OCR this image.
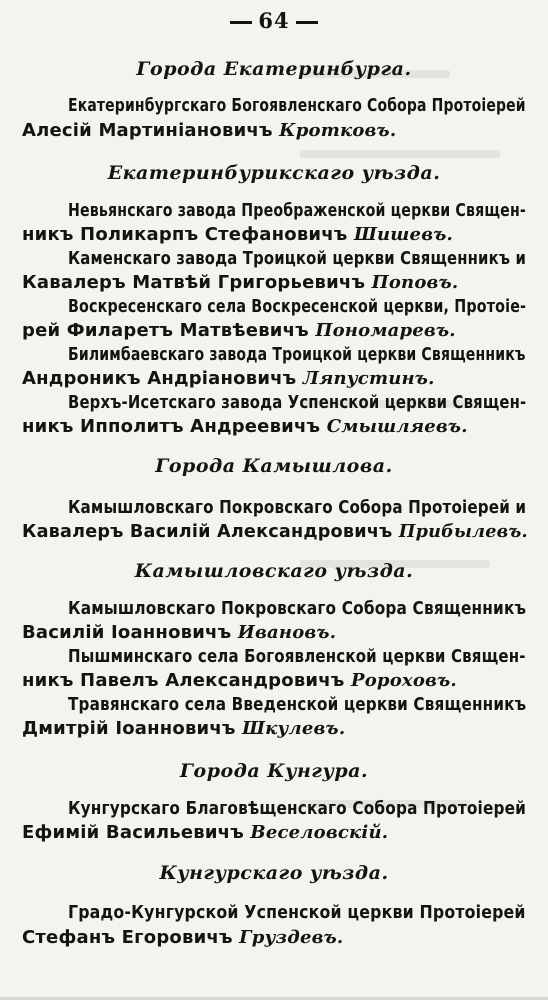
64
Города Екатеринбурга.
Екатеринбургскаго Богоявленскаго Собора Протоіерей
Алесій Мартиніановичъ Кротковъ.
Екатеринбурикскаго уѣзда.
Невьянскаго завода Преображенской церкви Священ-
никъ Поликарпъ Стефановичъ Шишевъ.
Каменскаго завода Троицкой церкви Священникъ и
Кавалеръ Матвѣй Григорьевичъ Поповъ.
Воскресенскаго села Воскресенской церкви, Протоіе-
рей Филаретъ Матвѣевичъ Пономаревъ.
Билимбаевскаго завода Троицкой церкви Священникъ
Андроникъ Андріановичъ Ляпустинъ.
Верхъ-Исетскаго завода Успенской церкви Священ-
никъ Ипполитъ Андреевичъ Смышляевъ.
Города Камышлова.
Камышловскаго Покровскаго Собора Протоіерей и
Кавалеръ Василій Александровичъ Прибылевъ.
Камышловскаго уѣзда.
Камышловскаго Покровскаго Собора Священникъ
Василій Іоанновичъ Ивановъ.
Пышминскаго села Богоявленской церкви Священ-
никъ Павелъ Александровичъ Ророховъ.
Травянскаго села Введенской церкви Священникъ
Дмитрій Іоанновичъ Шкулевъ.
Города Кунгура.
Кунгурскаго Благовѣщенскаго Собора Протоіерей
Ефимій Васильевичъ Веселовскій.
Кунгурскаго уѣзда.
Градо-Кунгурской Успенской церкви Протоіерей
Стефанъ Егоровичъ Груздевъ.
